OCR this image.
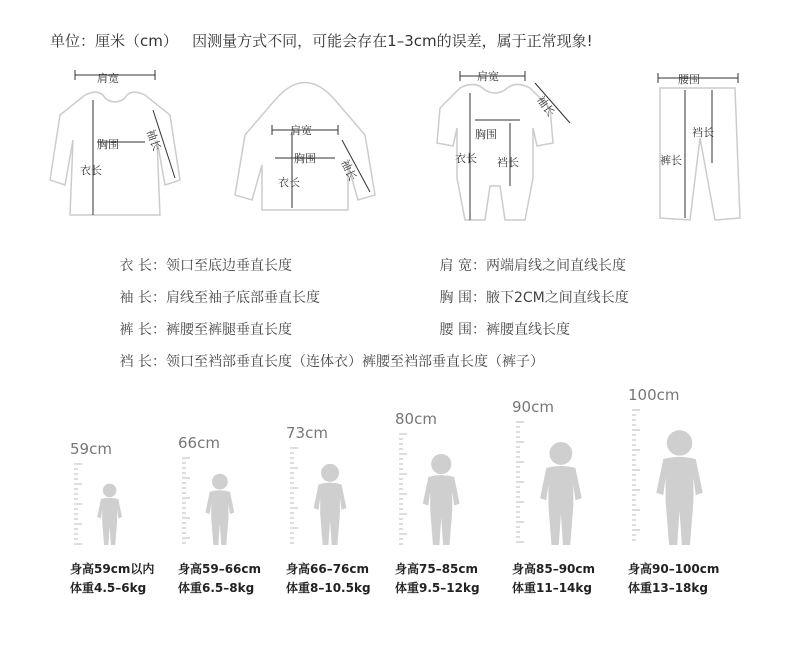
单位：厘米（cm）   因测量方式不同，可能会存在1–3cm的误差，属于正常现象!
肩宽
胸围
衣长
袖长	肩宽
胸围
衣长	袖长
肩宽
胸围
衣长 裆长
袖长
腰围
裆长
裤长
衣 长：领口至底边垂直长度	肩 宽：两端肩线之间直线长度
袖 长：肩线至袖子底部垂直长度	胸 围：腋下2CM之间直线长度
裤 长：裤腰至裤腿垂直长度	腰 围：裤腰直线长度
裆 长：领口至裆部垂直长度（连体衣）裤腰至裆部垂直长度（裤子）
59cm
身高59cm以内
体重4.5–6kg
66cm
身高59–66cm
体重6.5–8kg
73cm
身高66–76cm
体重8–10.5kg
80cm
身高75–85cm
体重9.5–12kg
90cm
身高85–90cm
体重11–14kg
100cm
身高90–100cm
体重13–18kg
